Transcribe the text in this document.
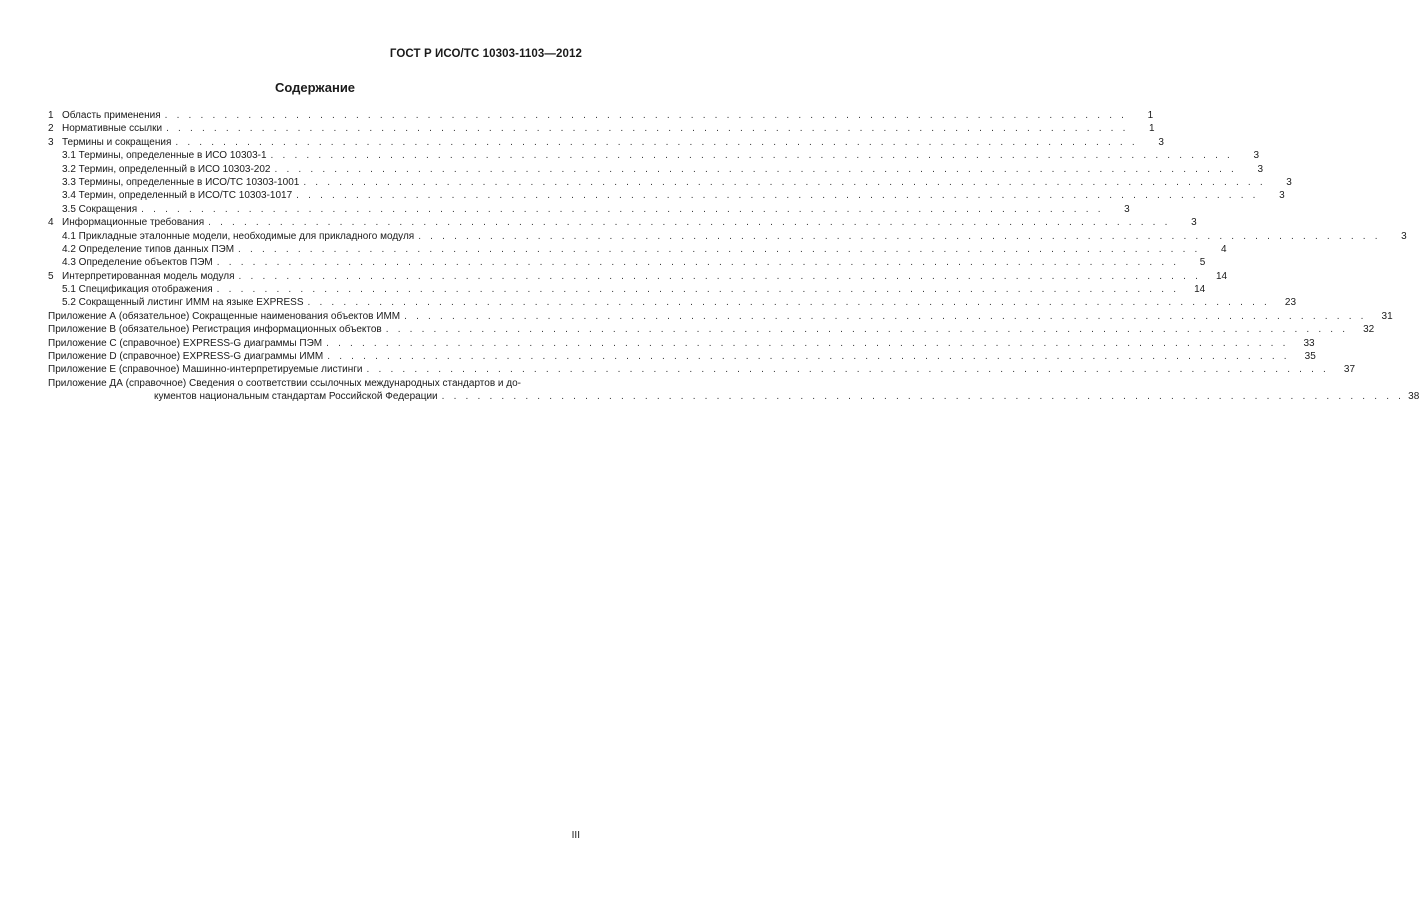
ГОСТ Р ИСО/ТС 10303-1103—2012
Содержание
1 Область применения . . . . . . . . . . . . . . . . . . . . . . . . . . . . . . . . . . . . . . . . . . . . . . . . . . . . . . . . . . . . . . . . . . . . . . . . . . . . . . . . .	1
2 Нормативные ссылки . . . . . . . . . . . . . . . . . . . . . . . . . . . . . . . . . . . . . . . . . . . . . . . . . . . . . . . . . . . . . . . . . . . . . . . . . . . . . . . . .	1
3 Термины и сокращения . . . . . . . . . . . . . . . . . . . . . . . . . . . . . . . . . . . . . . . . . . . . . . . . . . . . . . . . . . . . . . . . . . . . . . . . . . . . . . . . .	3
3.1 Термины, определенные в ИСО 10303-1 . . . . . . . . . . . . . . . . . . . . . . . . . . . . . . . . . . . . . . . . . . . . . . . . . . . . . . . . . . . . . . . . . . . . . . . . . . . . . . . . .	3
3.2 Термин, определенный в ИСО 10303-202 . . . . . . . . . . . . . . . . . . . . . . . . . . . . . . . . . . . . . . . . . . . . . . . . . . . . . . . . . . . . . . . . . . . . . . . . . . . . . . . . .	3
3.3 Термины, определенные в ИСО/ТС 10303-1001 . . . . . . . . . . . . . . . . . . . . . . . . . . . . . . . . . . . . . . . . . . . . . . . . . . . . . . . . . . . . . . . . . . . . . . . . . . . . . . . . .	3
3.4 Термин, определенный в ИСО/ТС 10303-1017 . . . . . . . . . . . . . . . . . . . . . . . . . . . . . . . . . . . . . . . . . . . . . . . . . . . . . . . . . . . . . . . . . . . . . . . . . . . . . . . . .	3
3.5 Сокращения . . . . . . . . . . . . . . . . . . . . . . . . . . . . . . . . . . . . . . . . . . . . . . . . . . . . . . . . . . . . . . . . . . . . . . . . . . . . . . . . .	3
4 Информационные требования . . . . . . . . . . . . . . . . . . . . . . . . . . . . . . . . . . . . . . . . . . . . . . . . . . . . . . . . . . . . . . . . . . . . . . . . . . . . . . . . .	3
4.1 Прикладные эталонные модели, необходимые для прикладного модуля . . . . . . . . . . . . . . . . . . . . . . . . . . . . . . . . . . . . . . . . . . . . . . . . . . . . . . . . . . . . . . . . . . . . . . . . . . . . . . . . .	3
4.2 Определение типов данных ПЭМ . . . . . . . . . . . . . . . . . . . . . . . . . . . . . . . . . . . . . . . . . . . . . . . . . . . . . . . . . . . . . . . . . . . . . . . . . . . . . . . . .	4
4.3 Определение объектов ПЭМ . . . . . . . . . . . . . . . . . . . . . . . . . . . . . . . . . . . . . . . . . . . . . . . . . . . . . . . . . . . . . . . . . . . . . . . . . . . . . . . . .	5
5 Интерпретированная модель модуля . . . . . . . . . . . . . . . . . . . . . . . . . . . . . . . . . . . . . . . . . . . . . . . . . . . . . . . . . . . . . . . . . . . . . . . . . . . . . . . . .	14
5.1 Спецификация отображения . . . . . . . . . . . . . . . . . . . . . . . . . . . . . . . . . . . . . . . . . . . . . . . . . . . . . . . . . . . . . . . . . . . . . . . . . . . . . . . . .	14
5.2 Сокращенный листинг ИММ на языке EXPRESS . . . . . . . . . . . . . . . . . . . . . . . . . . . . . . . . . . . . . . . . . . . . . . . . . . . . . . . . . . . . . . . . . . . . . . . . . . . . . . . . .	23
Приложение А (обязательное) Сокращенные наименования объектов ИММ . . . . . . . . . . . . . . . . . . . . . . . . . . . . . . . . . . . . . . . . . . . . . . . . . . . . . . . . . . . . . . . . . . . . . . . . . . . . . . . . .	31
Приложение В (обязательное) Регистрация информационных объектов . . . . . . . . . . . . . . . . . . . . . . . . . . . . . . . . . . . . . . . . . . . . . . . . . . . . . . . . . . . . . . . . . . . . . . . . . . . . . . . . .	32
Приложение С (справочное) EXPRESS-G диаграммы ПЭМ . . . . . . . . . . . . . . . . . . . . . . . . . . . . . . . . . . . . . . . . . . . . . . . . . . . . . . . . . . . . . . . . . . . . . . . . . . . . . . . . .	33
Приложение D (справочное) EXPRESS-G диаграммы ИММ . . . . . . . . . . . . . . . . . . . . . . . . . . . . . . . . . . . . . . . . . . . . . . . . . . . . . . . . . . . . . . . . . . . . . . . . . . . . . . . . .	35
Приложение Е (справочное) Машинно-интерпретируемые листинги . . . . . . . . . . . . . . . . . . . . . . . . . . . . . . . . . . . . . . . . . . . . . . . . . . . . . . . . . . . . . . . . . . . . . . . . . . . . . . . . .	37
Приложение ДА (справочное) Сведения о соответствии ссылочных международных стандартов и до-
кументов национальным стандартам Российской Федерации . . . . . . . . . . . . . . . . . . . . . . . . . . . . . . . . . . . . . . . . . . . . . . . . . . . . . . . . . . . . . . . . . . . . . . . . . . . . . . . . . 38
III
